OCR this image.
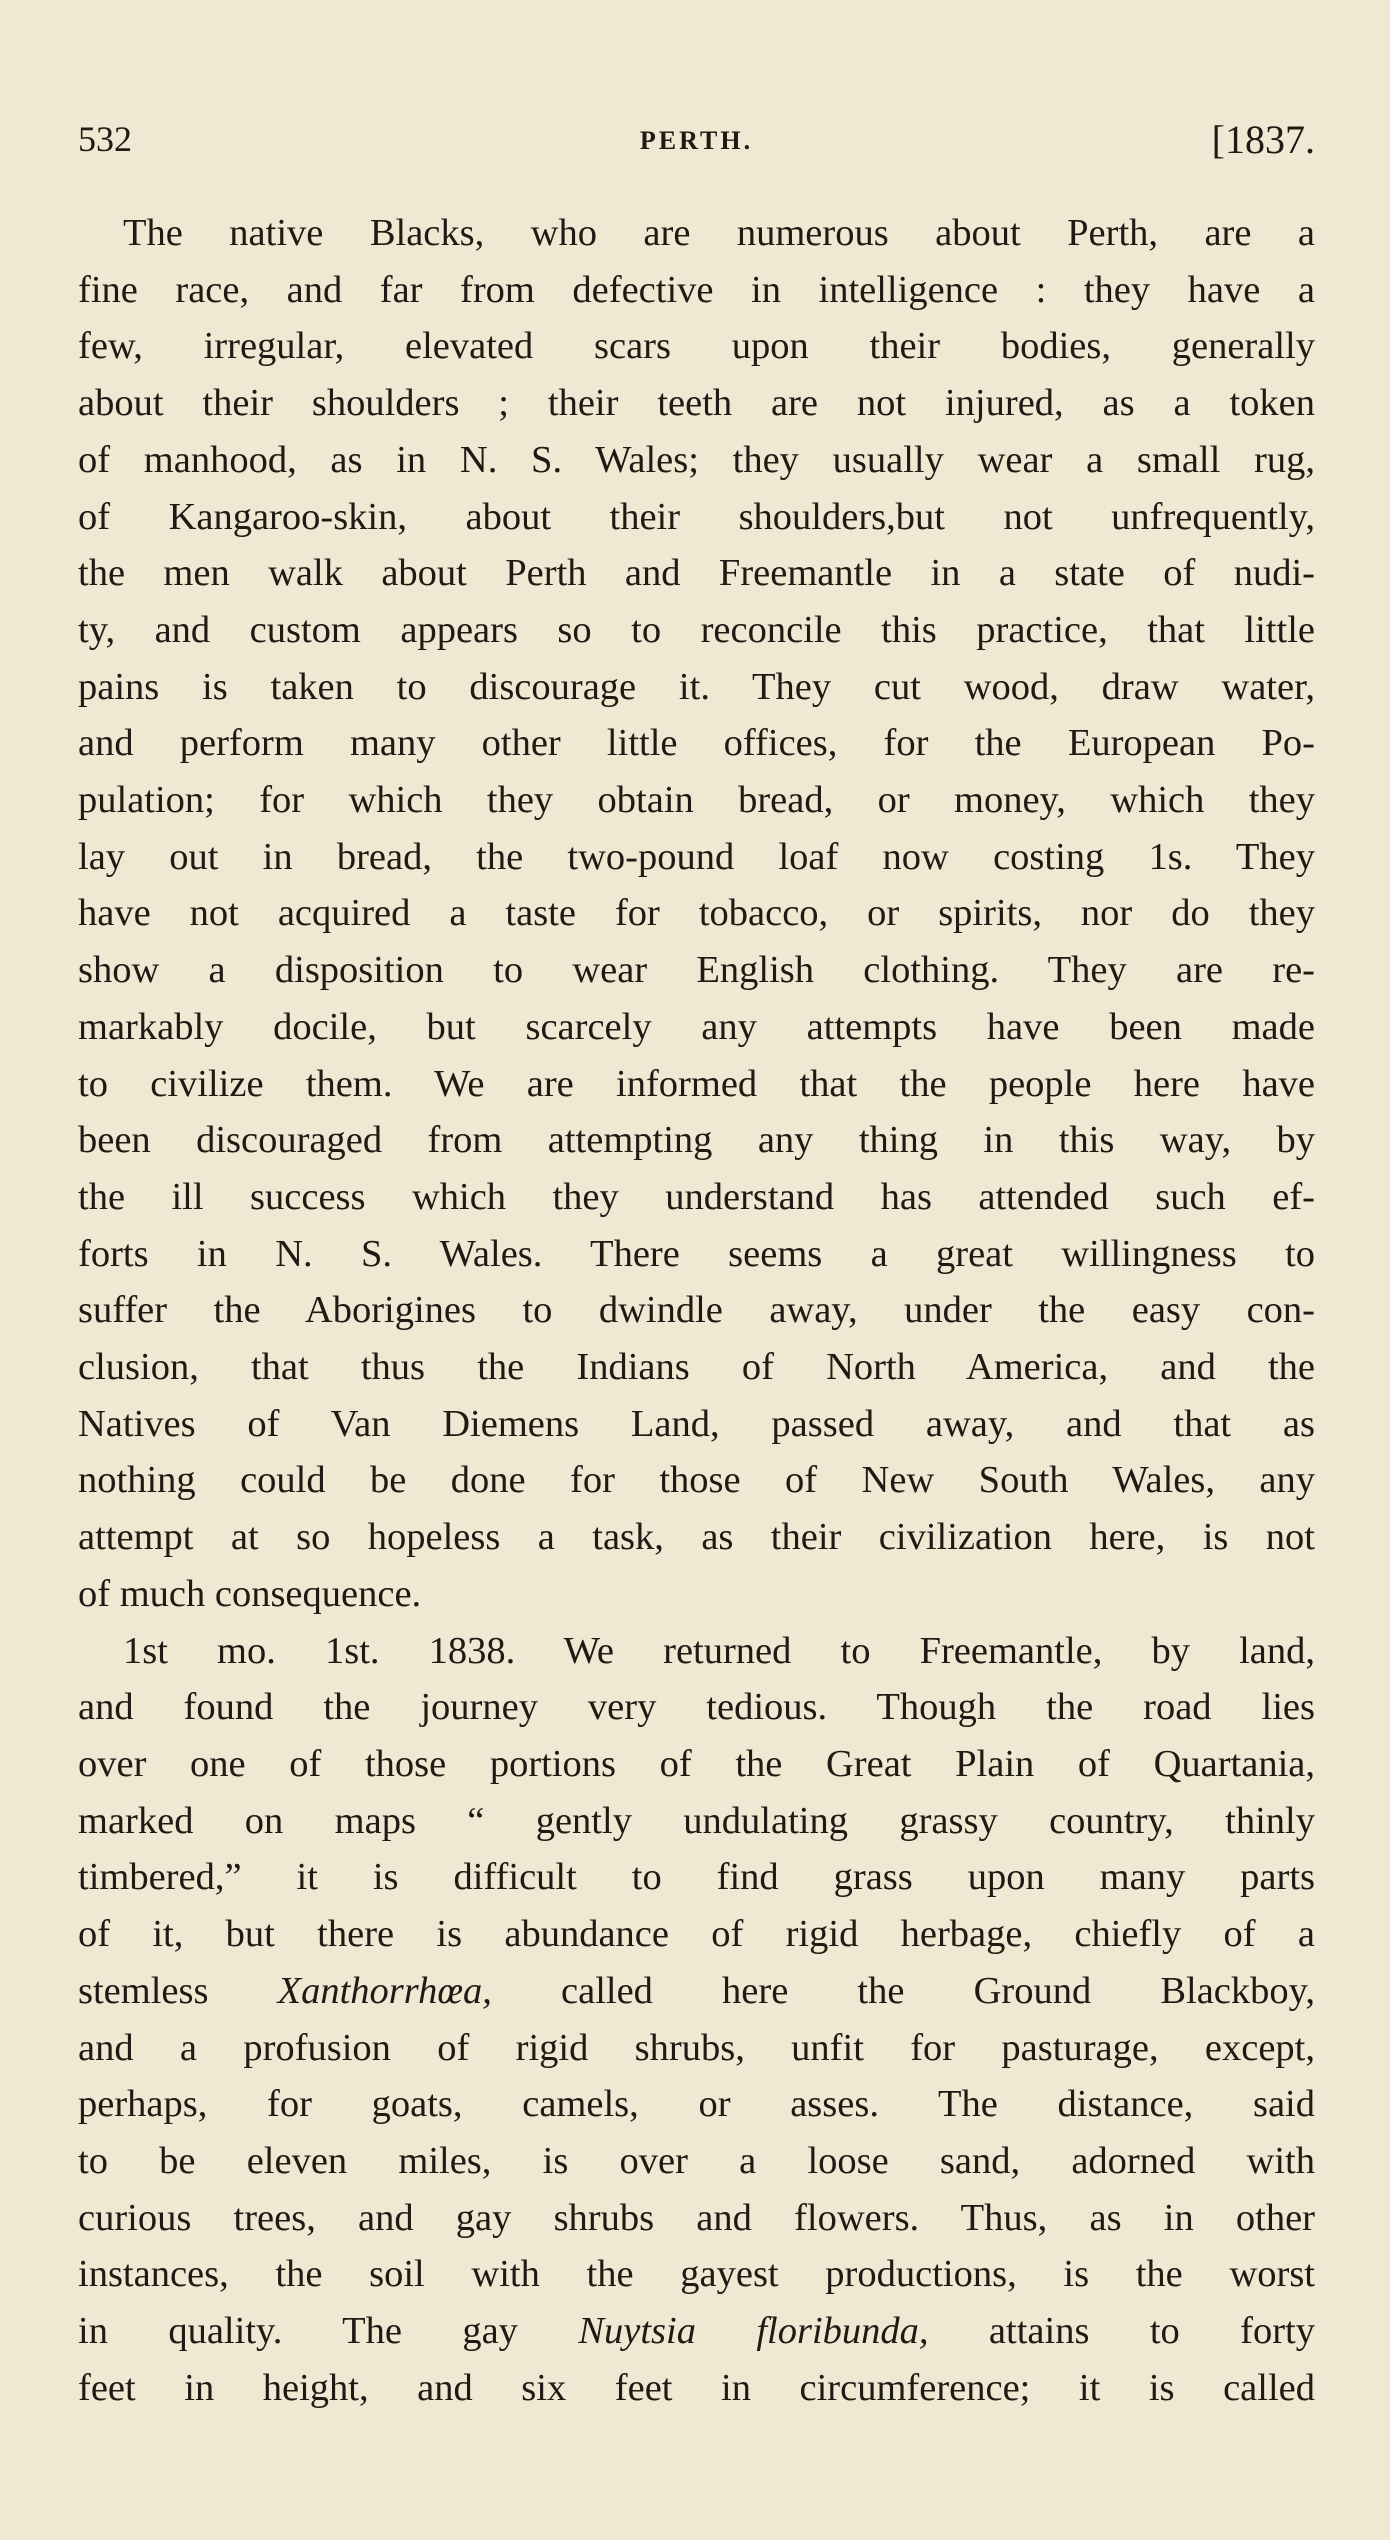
532	PERTH.	[1837.
The native Blacks, who are numerous about Perth, are a
fine race, and far from defective in intelligence : they have a
few, irregular, elevated scars upon their bodies, generally
about their shoulders ; their teeth are not injured, as a token
of manhood, as in N. S. Wales; they usually wear a small rug,
of Kangaroo-skin, about their shoulders,but not unfrequently,
the men walk about Perth and Freemantle in a state of nudi-
ty, and custom appears so to reconcile this practice, that little
pains is taken to discourage it. They cut wood, draw water,
and perform many other little offices, for the European Po-
pulation; for which they obtain bread, or money, which they
lay out in bread, the two-pound loaf now costing 1s. They
have not acquired a taste for tobacco, or spirits, nor do they
show a disposition to wear English clothing. They are re-
markably docile, but scarcely any attempts have been made
to civilize them. We are informed that the people here have
been discouraged from attempting any thing in this way, by
the ill success which they understand has attended such ef-
forts in N. S. Wales. There seems a great willingness to
suffer the Aborigines to dwindle away, under the easy con-
clusion, that thus the Indians of North America, and the
Natives of Van Diemens Land, passed away, and that as
nothing could be done for those of New South Wales, any
attempt at so hopeless a task, as their civilization here, is not
of much consequence.
1st mo. 1st. 1838. We returned to Freemantle, by land,
and found the journey very tedious. Though the road lies
over one of those portions of the Great Plain of Quartania,
marked on maps “ gently undulating grassy country, thinly
timbered,” it is difficult to find grass upon many parts
of it, but there is abundance of rigid herbage, chiefly of a
stemless Xanthorrhœa, called here the Ground Blackboy,
and a profusion of rigid shrubs, unfit for pasturage, except,
perhaps, for goats, camels, or asses. The distance, said
to be eleven miles, is over a loose sand, adorned with
curious trees, and gay shrubs and flowers. Thus, as in other
instances, the soil with the gayest productions, is the worst
in quality. The gay Nuytsia floribunda, attains to forty
feet in height, and six feet in circumference; it is called
